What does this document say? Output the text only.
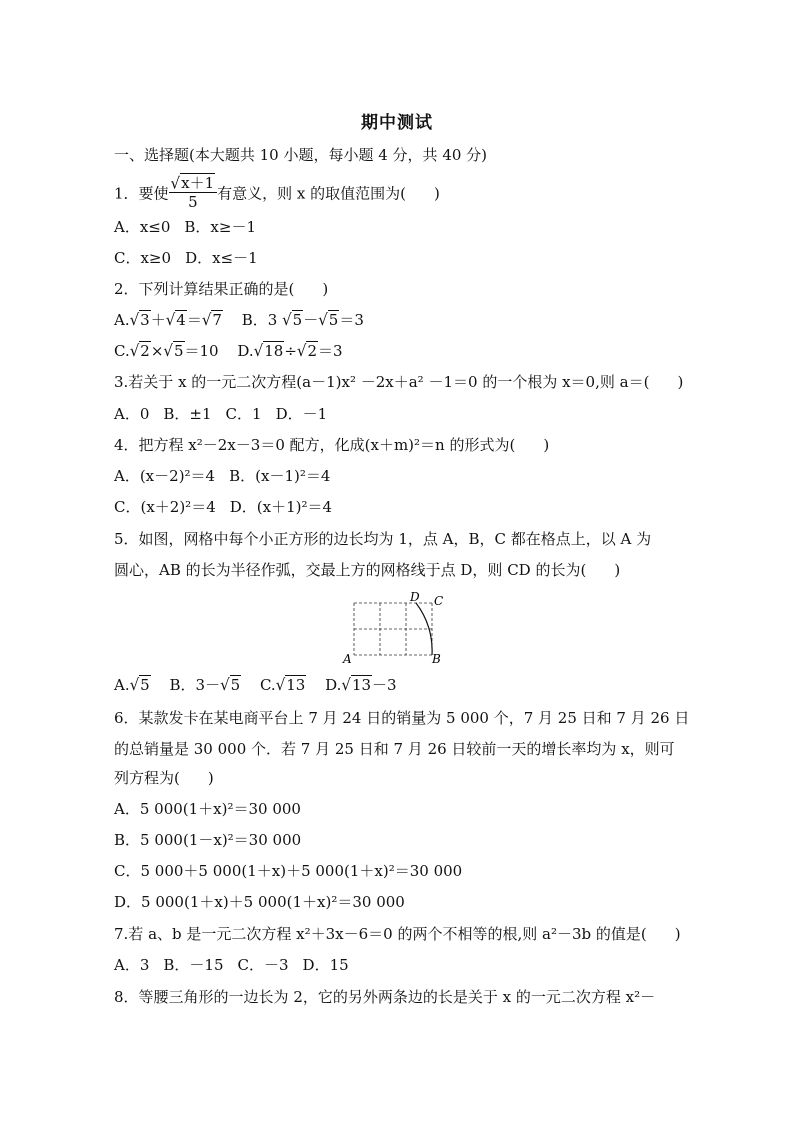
期中测试
一、选择题(本大题共 10 小题，每小题 4 分，共 40 分)
1．要使 $\frac{√x+1}{5}$ 有意义，则 x 的取值范围为( )
A．x≤0 B．x≥－1
C．x≥0 D．x≤－1
2．下列计算结果正确的是( )
A.√3＋√4＝√7 B．3 √5－√5＝3
C.√2×√5＝10 D.√18÷√2＝3
3.若关于 x 的一元二次方程(a－1)x² －2x＋a² －1＝0 的一个根为 x＝0,则 a＝( )
A．0 B．±1 C．1 D．－1
4．把方程 x²－2x－3＝0 配方，化成(x＋m)²＝n 的形式为( )
A．(x－2)²＝4 B．(x－1)²＝4
C．(x＋2)²＝4 D．(x＋1)²＝4
5．如图，网格中每个小正方形的边长均为 1，点 A，B，C 都在格点上，以 A 为
圆心，AB 的长为半径作弧，交最上方的网格线于点 D，则 CD 的长为( )
A	B
C
D
A.√5 B．3－√5 C.√13 D.√13－3
6．某款发卡在某电商平台上 7 月 24 日的销量为 5 000 个，7 月 25 日和 7 月 26 日
的总销量是 30 000 个．若 7 月 25 日和 7 月 26 日较前一天的增长率均为 x，则可
列方程为( )
A．5 000(1＋x)²＝30 000
B．5 000(1－x)²＝30 000
C．5 000＋5 000(1＋x)＋5 000(1＋x)²＝30 000
D．5 000(1＋x)＋5 000(1＋x)²＝30 000
7.若 a、b 是一元二次方程 x²＋3x－6＝0 的两个不相等的根,则 a²－3b 的值是( )
A．3 B．－15 C．－3 D．15
8．等腰三角形的一边长为 2，它的另外两条边的长是关于 x 的一元二次方程 x²－
